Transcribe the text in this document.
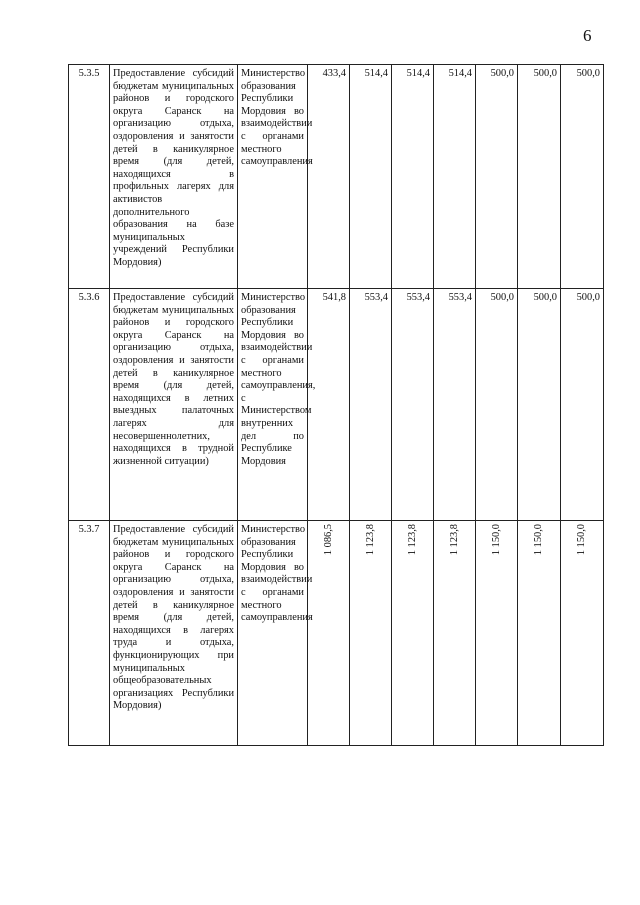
6
5.3.5	Предоставление субсидий бюджетам муниципальных районов и городского округа Саранск на организацию отдыха, оздоровления и занятости детей в каникулярное время (для детей, находящихся в профильных лагерях для активистов дополнительного образования на базе муниципальных учреждений Республики Мордовия)	Министерство образования Республики Мордовия во взаимодействии с органами местного самоуправления	433,4	514,4	514,4	514,4	500,0	500,0	500,0
5.3.6	Предоставление субсидий бюджетам муниципальных районов и городского округа Саранск на организацию отдыха, оздоровления и занятости детей в каникулярное время (для детей, находящихся в летних выездных палаточных лагерях для несовершеннолетних, находящихся в трудной жизненной ситуации)	Министерство образования Республики Мордовия во взаимодействии с органами местного самоуправления, с Министерством внутренних дел по Республике Мордовия	541,8	553,4	553,4	553,4	500,0	500,0	500,0
5.3.7	Предоставление субсидий бюджетам муниципальных районов и городского округа Саранск на организацию отдыха, оздоровления и занятости детей в каникулярное время (для детей, находящихся в лагерях труда и отдыха, функционирующих при муниципальных общеобразовательных организациях Республики Мордовия)	Министерство образования Республики Мордовия во взаимодействии с органами местного самоуправления	1 086,5	1 123,8	1 123,8	1 123,8	1 150,0	1 150,0	1 150,0
